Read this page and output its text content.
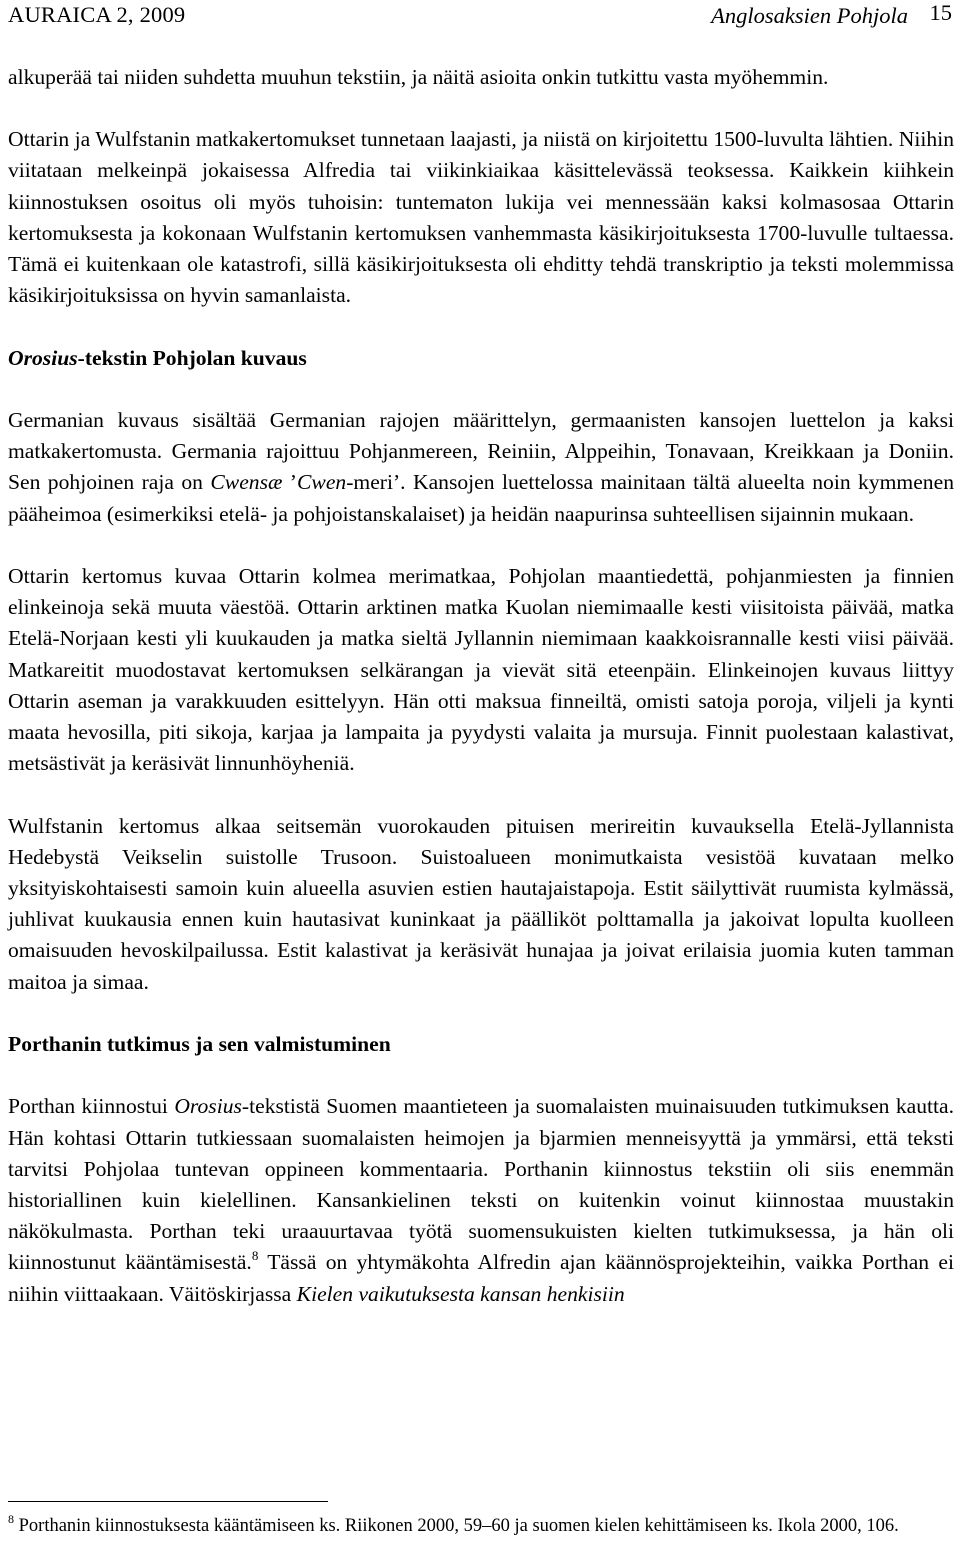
AURAICA 2, 2009	Anglosaksien Pohjola 15

alkuperää tai niiden suhdetta muuhun tekstiin, ja näitä asioita onkin tutkittu vasta myöhemmin.

Ottarin ja Wulfstanin matkakertomukset tunnetaan laajasti, ja niistä on kirjoitettu 1500-luvulta lähtien. Niihin viitataan melkeinpä jokaisessa Alfredia tai viikinkiaikaa käsittelevässä teoksessa. Kaikkein kiihkein kiinnostuksen osoitus oli myös tuhoisin: tuntematon lukija vei mennessään kaksi kolmasosaa Ottarin kertomuksesta ja kokonaan Wulfstanin kertomuksen vanhemmasta käsikirjoituksesta 1700-luvulle tultaessa. Tämä ei kuitenkaan ole katastrofi, sillä käsikirjoituksesta oli ehditty tehdä transkriptio ja teksti molemmissa käsikirjoituksissa on hyvin samanlaista.

Orosius-tekstin Pohjolan kuvaus

Germanian kuvaus sisältää Germanian rajojen määrittelyn, germaanisten kansojen luettelon ja kaksi matkakertomusta. Germania rajoittuu Pohjanmereen, Reiniin, Alppeihin, Tonavaan, Kreikkaan ja Doniin. Sen pohjoinen raja on Cwensæ ’Cwen-meri’. Kansojen luettelossa mainitaan tältä alueelta noin kymmenen pääheimoa (esimerkiksi etelä- ja pohjoistanskalaiset) ja heidän naapurinsa suhteellisen sijainnin mukaan.

Ottarin kertomus kuvaa Ottarin kolmea merimatkaa, Pohjolan maantiedettä, pohjanmiesten ja finnien elinkeinoja sekä muuta väestöä. Ottarin arktinen matka Kuolan niemimaalle kesti viisitoista päivää, matka Etelä-Norjaan kesti yli kuukauden ja matka sieltä Jyllannin niemimaan kaakkoisrannalle kesti viisi päivää. Matkareitit muodostavat kertomuksen selkärangan ja vievät sitä eteenpäin. Elinkeinojen kuvaus liittyy Ottarin aseman ja varakkuuden esittelyyn. Hän otti maksua finneiltä, omisti satoja poroja, viljeli ja kynti maata hevosilla, piti sikoja, karjaa ja lampaita ja pyydysti valaita ja mursuja. Finnit puolestaan kalastivat, metsästivät ja keräsivät linnunhöyheniä.

Wulfstanin kertomus alkaa seitsemän vuorokauden pituisen merireitin kuvauksella Etelä-Jyllannista Hedebystä Veikselin suistolle Trusoon. Suistoalueen monimutkaista vesistöä kuvataan melko yksityiskohtaisesti samoin kuin alueella asuvien estien hautajaistapoja. Estit säilyttivät ruumista kylmässä, juhlivat kuukausia ennen kuin hautasivat kuninkaat ja päälliköt polttamalla ja jakoivat lopulta kuolleen omaisuuden hevoskilpailussa. Estit kalastivat ja keräsivät hunajaa ja joivat erilaisia juomia kuten tamman maitoa ja simaa.

Porthanin tutkimus ja sen valmistuminen

Porthan kiinnostui Orosius-tekstistä Suomen maantieteen ja suomalaisten muinaisuuden tutkimuksen kautta. Hän kohtasi Ottarin tutkiessaan suomalaisten heimojen ja bjarmien menneisyyttä ja ymmärsi, että teksti tarvitsi Pohjolaa tuntevan oppineen kommentaaria. Porthanin kiinnostus tekstiin oli siis enemmän historiallinen kuin kielellinen. Kansankielinen teksti on kuitenkin voinut kiinnostaa muustakin näkökulmasta. Porthan teki uraauurtavaa työtä suomensukuisten kielten tutkimuksessa, ja hän oli kiinnostunut kääntämisestä.$^8$ Tässä on yhtymäkohta Alfredin ajan käännösprojekteihin, vaikka Porthan ei niihin viittaakaan. Väitöskirjassa Kielen vaikutuksesta kansan henkisiin

$^8$ Porthanin kiinnostuksesta kääntämiseen ks. Riikonen 2000, 59–60 ja suomen kielen kehittämiseen ks. Ikola 2000, 106.
